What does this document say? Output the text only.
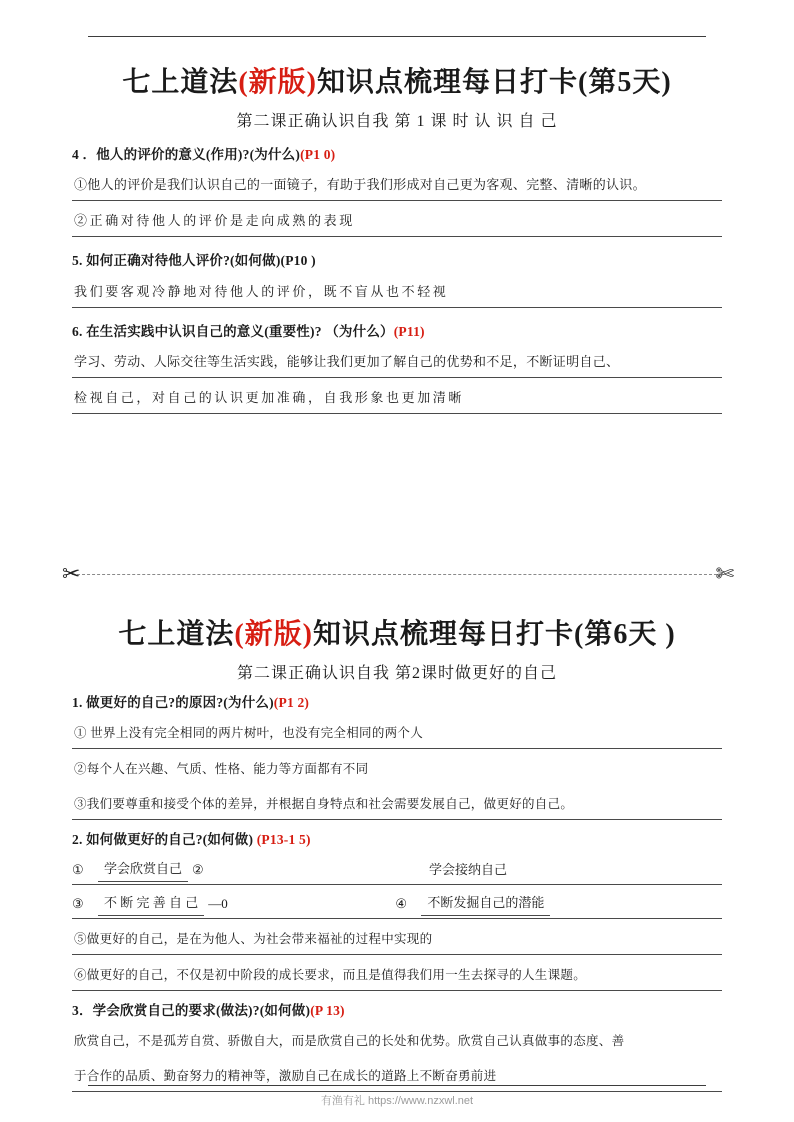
七上道法(新版)知识点梳理每日打卡(第5天)
第二课正确认识自我 第 1 课 时 认 识 自 己
4 ．他人的评价的意义(作用)?(为什么)(P1 0)
①他人的评价是我们认识自己的一面镜子，有助于我们形成对自己更为客观、完整、清晰的认识。
②正确对待他人的评价是走向成熟的表现
5. 如何正确对待他人评价?(如何做)(P10 )
我们要客观冷静地对待他人的评价，既不盲从也不轻视
6. 在生活实践中认识自己的意义(重要性)? （为什么）(P11)
学习、劳动、人际交往等生活实践，能够让我们更加了解自己的优势和不足，不断证明自己、
检视自己，对自己的认识更加准确，自我形象也更加清晰
✂	✄
七上道法(新版)知识点梳理每日打卡(第6天 )
第二课正确认识自我 第2课时做更好的自己
1. 做更好的自己?的原因?(为什么)(P1 2)
① 世界上没有完全相同的两片树叶，也没有完全相同的两个人
②每个人在兴趣、气质、性格、能力等方面都有不同
③我们要尊重和接受个体的差异，并根据自身特点和社会需要发展自己，做更好的自己。
2. 如何做更好的自己?(如何做) (P13-1 5)
①	学会欣赏自己 ②	学会接纳自己
③	不 断 完 善 自 己 —0	④	不断发掘自己的潜能
⑤做更好的自己，是在为他人、为社会带来福祉的过程中实现的
⑥做更好的自己，不仅是初中阶段的成长要求，而且是值得我们用一生去探寻的人生课题。
3．学会欣赏自己的要求(做法)?(如何做)(P 13)
欣赏自己，不是孤芳自赏、骄傲自大，而是欣赏自己的长处和优势。欣赏自己认真做事的态度、善
于合作的品质、勤奋努力的精神等，激励自己在成长的道路上不断奋勇前进
有渔有礼 https://www.nzxwl.net
